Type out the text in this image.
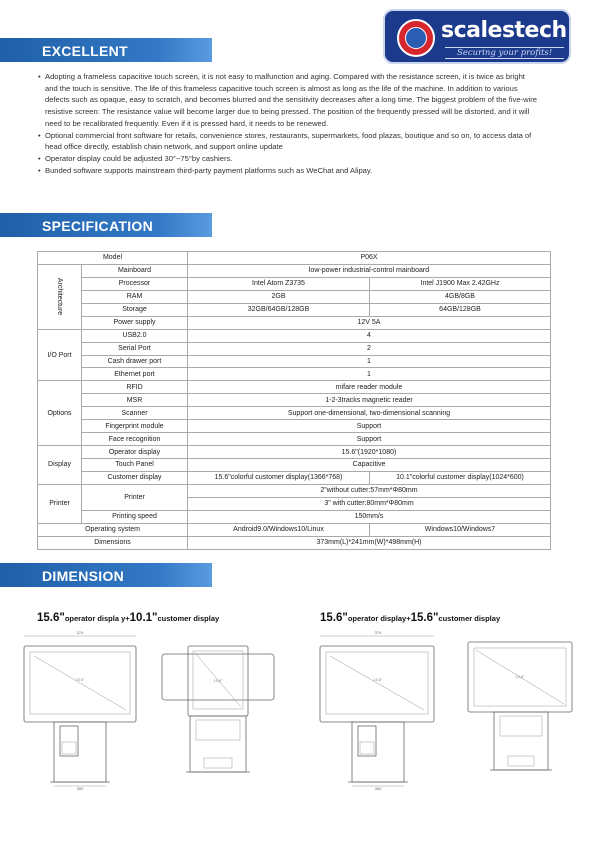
EXCELLENT FUNCTIONS
scalestech
Securing your profits!
• Adopting a frameless capacitive touch screen, it is not easy to malfunction and aging. Compared with the resistance screen, it is twice as bright and the touch is sensitive. The life of this frameless capacitive touch screen is almost as long as the life of the machine. In addition to various defects such as opaque, easy to scratch, and becomes blurred and the sensitivity decreases after a long time. The biggest problem of the five-wire resistive screen: The resistance value will become larger due to being pressed. The position of the frequently pressed will be distorted, and it will need to be recalibrated frequently. Even if it is pressed hard, it needs to be renewed.
• Optional commercial front software for retails, convenience stores, restaurants, supermarkets, food plazas, boutique and so on, to access data of head office directly, establish chain network, and support online update
• Operator display could be adjusted 30°~75°by cashiers.
• Bunded software supports mainstream third-party payment platforms such as WeChat and Alipay.
SPECIFICATION
Model		P06X	
Architecture	Mainboard	low-power industrial-control mainboard	
	Processor	Intel Atom Z3735	Intel J1900 Max 2.42GHz
	RAM	2GB	4GB/8GB
	Storage	32GB/64GB/128GB	64GB/128GB
	Power supply	12V 5A	
I/O Port	USB2.0	4	
	Serial Port	2	
	Cash drawer port	1	
	Ethernet port	1	
Options	RFID	mifare reader module	
	MSR	1-2-3tracks magnetic reader	
	Scanner	Support one-dimensional, two-dimensional scanning	
	Fingerprint module	Support	
	Face recognition	Support	
Display	Operator display	15.6"(1920*1080)	
	Touch Panel	Capacitive	
	Customer display	15.6"colorful customer display(1366*768)	10.1"colorful customer display(1024*600)
Printer	Printer	2"without cutter:57mm*Φ80mm	
		3" with cutter:80mm*Φ80mm	
	Printing speed	150mm/s	
Operating system		Android9.0/Windows10/Linux	Windows10/Windows7
Dimensions		373mm(L)*241mm(W)*498mm(H)	
DIMENSION
15.6"operator displa y+10.1"customer display	15.6"operator display+15.6"customer display
374
15.6"
300
15.6"
374
15.6"
300
15.6"
